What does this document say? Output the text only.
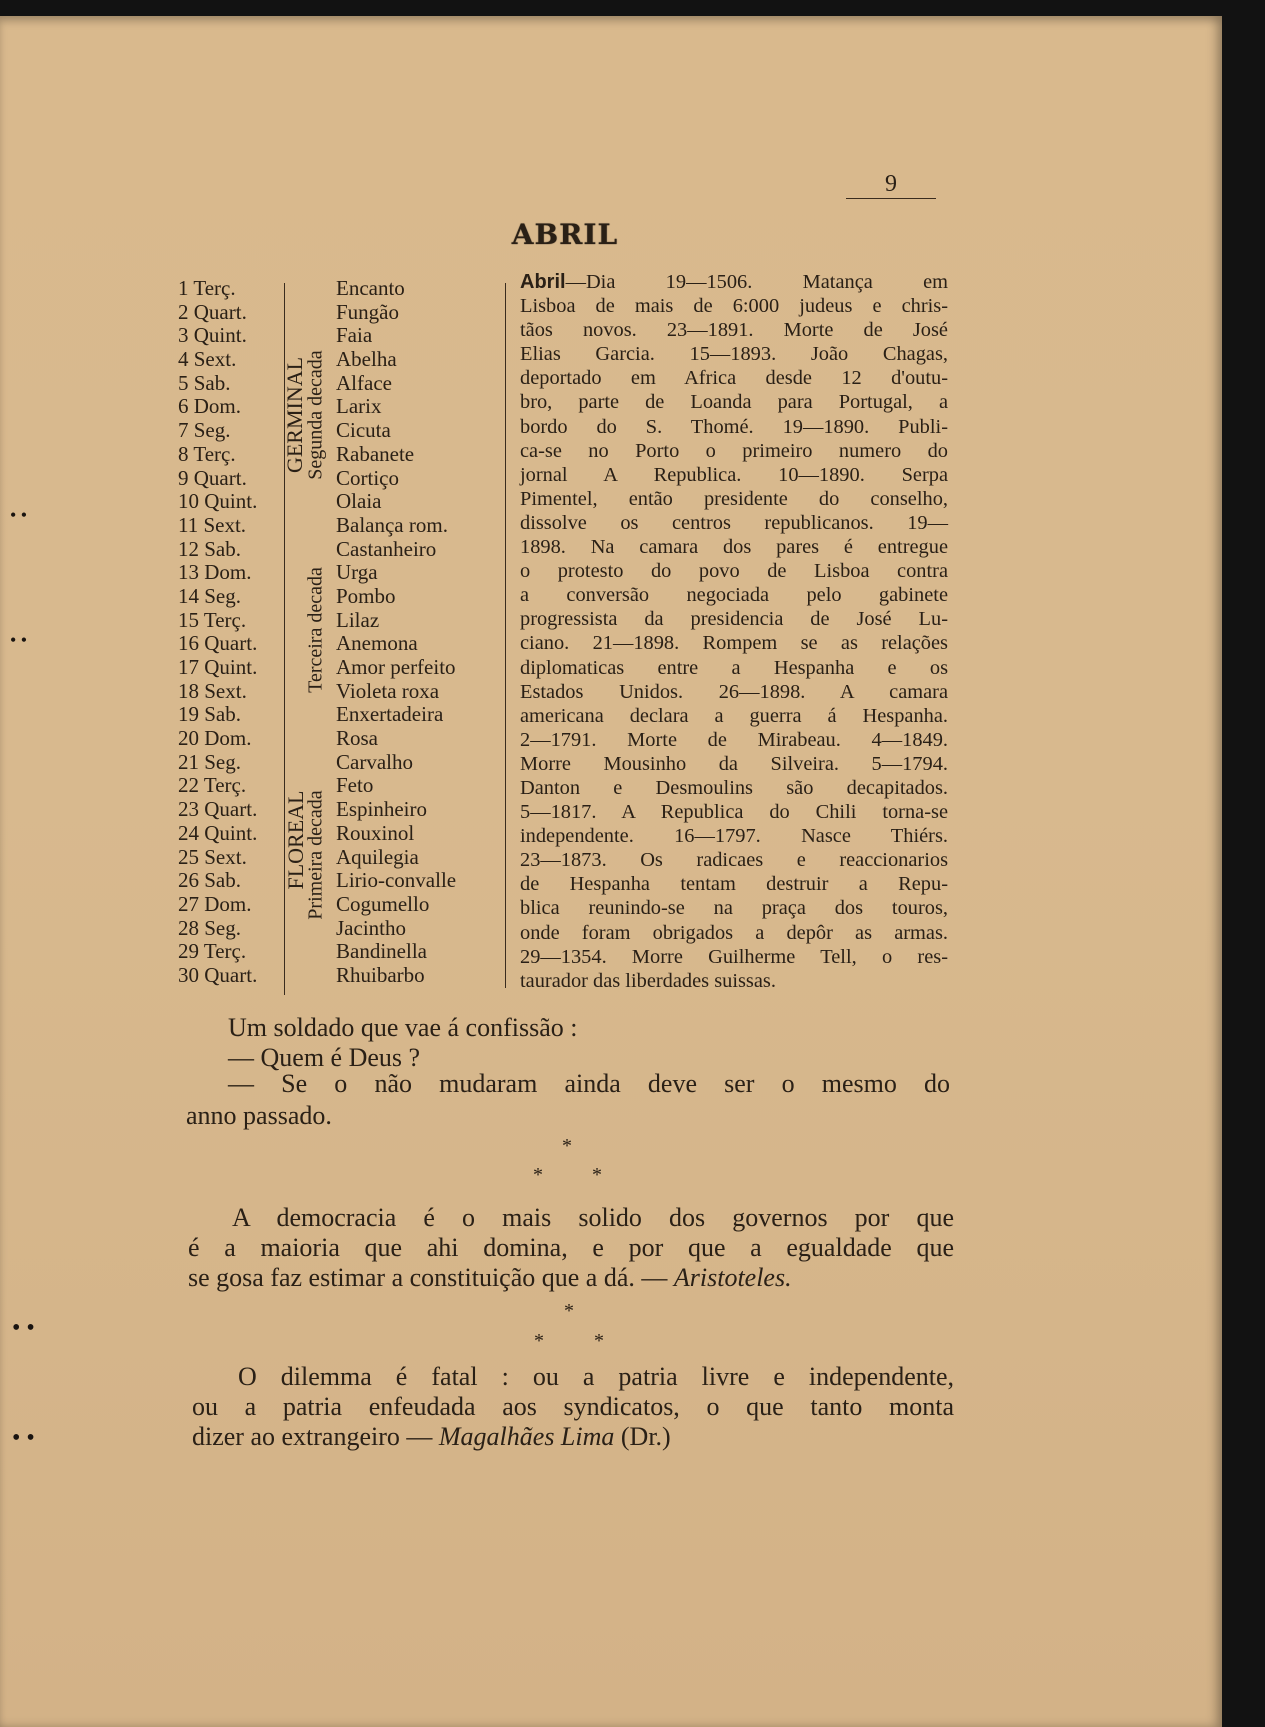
9
ABRIL
1 Terç.
2 Quart.
3 Quint.
4 Sext.
5 Sab.
6 Dom.
7 Seg.
8 Terç.
9 Quart.
10 Quint.
11 Sext.
12 Sab.
13 Dom.
14 Seg.
15 Terç.
16 Quart.
17 Quint.
18 Sext.
19 Sab.
20 Dom.
21 Seg.
22 Terç.
23 Quart.
24 Quint.
25 Sext.
26 Sab.
27 Dom.
28 Seg.
29 Terç.
30 Quart.
GERMINAL
Segunda decada
Terceira decada
FLOREAL
Primeira decada
Encanto
Fungão
Faia
Abelha
Alface
Larix
Cicuta
Rabanete
Cortiço
Olaia
Balança rom.
Castanheiro
Urga
Pombo
Lilaz
Anemona
Amor perfeito
Violeta roxa
Enxertadeira
Rosa
Carvalho
Feto
Espinheiro
Rouxinol
Aquilegia
Lirio-convalle
Cogumello
Jacintho
Bandinella
Rhuibarbo
Abril—Dia 19—1506. Matança em
Lisboa de mais de 6:000 judeus e chris-
tãos novos. 23—1891. Morte de José
Elias Garcia. 15—1893. João Chagas,
deportado em Africa desde 12 d'outu-
bro, parte de Loanda para Portugal, a
bordo do S. Thomé. 19—1890. Publi-
ca-se no Porto o primeiro numero do
jornal A Republica. 10—1890. Serpa
Pimentel, então presidente do conselho,
dissolve os centros republicanos. 19—
1898. Na camara dos pares é entregue
o protesto do povo de Lisboa contra
a conversão negociada pelo gabinete
progressista da presidencia de José Lu-
ciano. 21—1898. Rompem se as relações
diplomaticas entre a Hespanha e os
Estados Unidos. 26—1898. A camara
americana declara a guerra á Hespanha.
2—1791. Morte de Mirabeau. 4—1849.
Morre Mousinho da Silveira. 5—1794.
Danton e Desmoulins são decapitados.
5—1817. A Republica do Chili torna-se
independente. 16—1797. Nasce Thiérs.
23—1873. Os radicaes e reaccionarios
de Hespanha tentam destruir a Repu-
blica reunindo-se na praça dos touros,
onde foram obrigados a depôr as armas.
29—1354. Morre Guilherme Tell, o res-
taurador das liberdades suissas.
Um soldado que vae á confissão :
— Quem é Deus ?
— Se o não mudaram ainda deve ser o mesmo do
anno passado.
*
* *
A democracia é o mais solido dos governos por que
é a maioria que ahi domina, e por que a egualdade que
se gosa faz estimar a constituição que a dá. — Aristoteles.
*
*	*
O dilemma é fatal : ou a patria livre e independente,
ou a patria enfeudada aos syndicatos, o que tanto monta
dizer ao extrangeiro — Magalhães Lima (Dr.)
• •
• •
• •
• •
